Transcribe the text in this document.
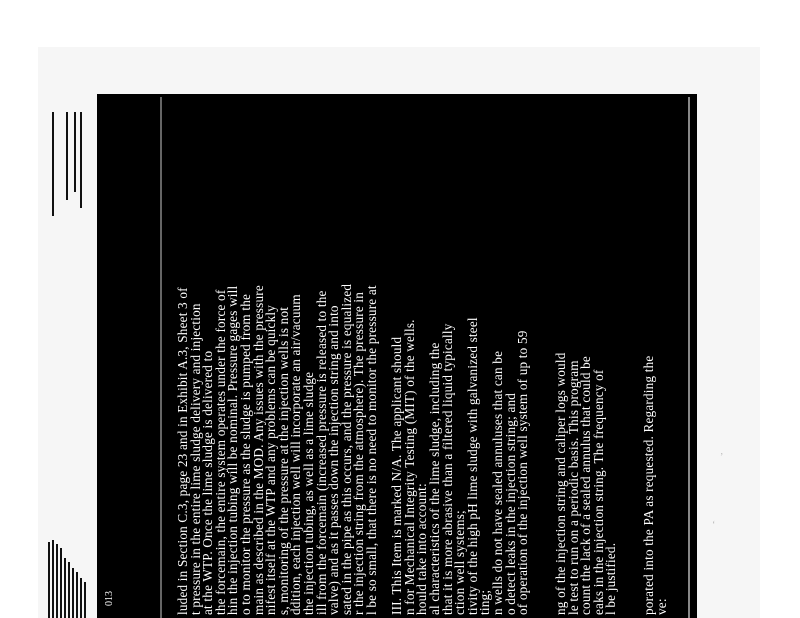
013	luded in Section C.3, page 23 and in Exhibit A.3, Sheet 3 of
t pressure in the entire lime sludge delivery and injection
at the WTP. Once the lime sludge is delivered to
the forcemain, the entire system operates under the force of
hin the injection tubing will be nominal. Pressure gages will
o to monitor the pressure as the sludge is pumped from the
main as described in the MOD. Any issues with the pressure
nifest itself at the WTP and any problems can be quickly
s, monitoring of the pressure at the injection wells is not
ddition, each injection well will incorporate an air/vacuum
the injection tubing, as well as a lime sludge
ill from the forcemain (increased pressure is released to the
valve) and as it passes down the injection string and into
sated in the pipe as this occurs, and the pressure is equalized
r the injection string from the atmosphere). The pressure in
l be so small, that there is no need to monitor the pressure at III. This Item is marked N/A. The applicant should
n for Mechanical Integrity Testing (MIT) of the wells.
hould take into account:
al characteristics of the lime sludge, including the
that it is more abrasive than a filtered liquid typically
ction well systems;
tivity of the high pH lime sludge with galvanized steel
ting;
n wells do not have sealed annuluses that can be
o detect leaks in the injection string; and
of operation of the injection well system of up to 59 ng of the injection string and caliper logs would
le test to run on a periodic basis. This program
count the lack of a sealed annulus that could be
eaks in the injection string. The frequency of
l be justified. porated into the PA as requested. Regarding the
ve:
‘
’
